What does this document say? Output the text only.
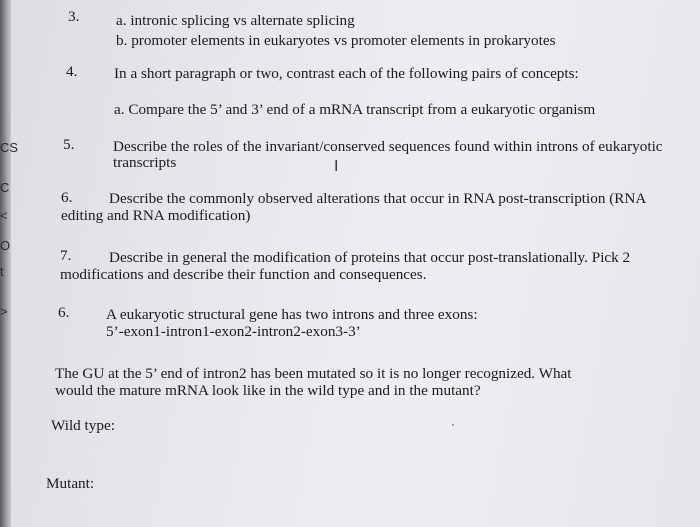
CS
C
<
O
t
>
3. a. intronic splicing vs alternate splicing
b. promoter elements in eukaryotes vs promoter elements in prokaryotes
4. In a short paragraph or two, contrast each of the following pairs of concepts:
a. Compare the 5’ and 3’ end of a mRNA transcript from a eukaryotic organism
5.	Describe the roles of the invariant/conserved sequences found within introns of eukaryotic
transcripts	I
6. Describe the commonly observed alterations that occur in RNA post-transcription (RNA
editing and RNA modification)
7. Describe in general the modification of proteins that occur post-translationally. Pick 2
modifications and describe their function and consequences.
6. A eukaryotic structural gene has two introns and three exons:
5’-exon1-intron1-exon2-intron2-exon3-3’
The GU at the 5’ end of intron2 has been mutated so it is no longer recognized. What
would the mature mRNA look like in the wild type and in the mutant?
Wild type:
Mutant:
